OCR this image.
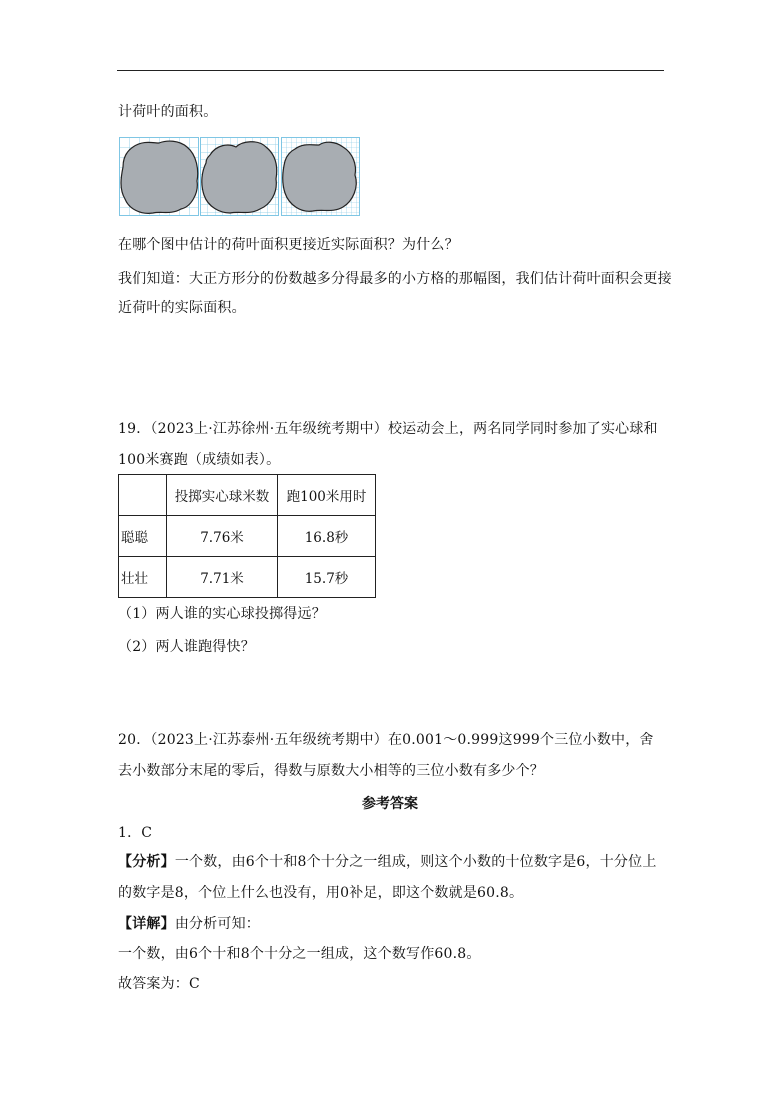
计荷叶的面积。
在哪个图中估计的荷叶面积更接近实际面积？为什么？
我们知道：大正方形分的份数越多分得最多的小方格的那幅图，我们估计荷叶面积会更接
近荷叶的实际面积。
19．（2023上·江苏徐州·五年级统考期中）校运动会上，两名同学同时参加了实心球和
100米赛跑（成绩如表）。
	投掷实心球米数	跑100米用时
聪聪	7.76米	16.8秒
壮壮	7.71米	15.7秒
（1）两人谁的实心球投掷得远？
（2）两人谁跑得快？
20．（2023上·江苏泰州·五年级统考期中）在0.001～0.999这999个三位小数中，舍
去小数部分末尾的零后，得数与原数大小相等的三位小数有多少个？
参考答案
1．C
【分析】一个数，由6个十和8个十分之一组成，则这个小数的十位数字是6，十分位上
的数字是8，个位上什么也没有，用0补足，即这个数就是60.8。
【详解】由分析可知：
一个数，由6个十和8个十分之一组成，这个数写作60.8。
故答案为：C
